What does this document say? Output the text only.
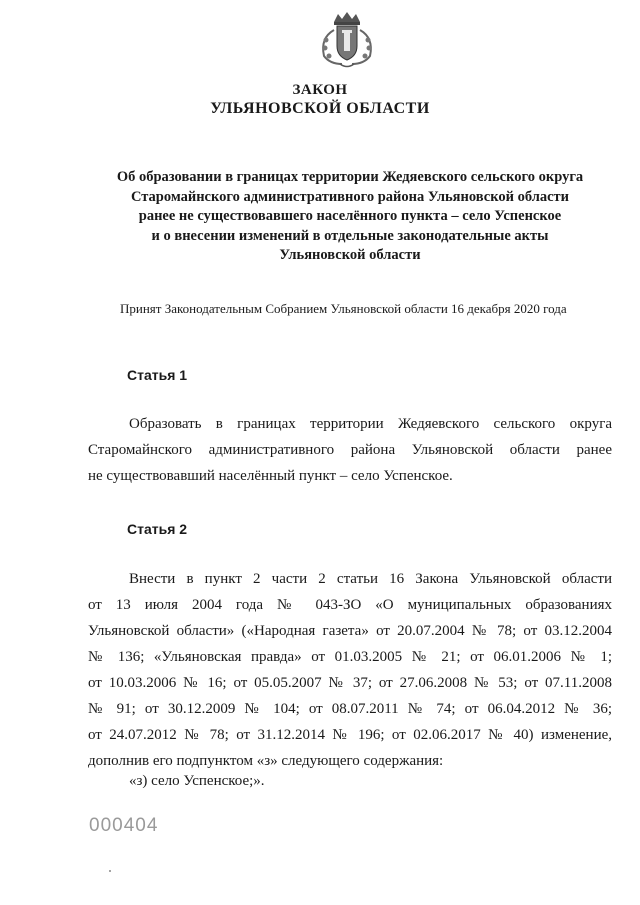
ЗАКОН
УЛЬЯНОВСКОЙ ОБЛАСТИ
Об образовании в границах территории Жедяевского сельского округа
Старомайнского административного района Ульяновской области
ранее не существовавшего населённого пункта – село Успенское
и о внесении изменений в отдельные законодательные акты
Ульяновской области
Принят Законодательным Собранием Ульяновской области 16 декабря 2020 года
Статья 1
Образовать в границах территории Жедяевского сельского округа
Старомайнского административного района Ульяновской области ранее
не существовавший населённый пункт – село Успенское.
Статья 2
Внести в пункт 2 части 2 статьи 16 Закона Ульяновской области
от 13 июля 2004 года № 043-ЗО «О муниципальных образованиях
Ульяновской области» («Народная газета» от 20.07.2004 № 78; от 03.12.2004
№ 136; «Ульяновская правда» от 01.03.2005 № 21; от 06.01.2006 № 1;
от 10.03.2006 № 16; от 05.05.2007 № 37; от 27.06.2008 № 53; от 07.11.2008
№ 91; от 30.12.2009 № 104; от 08.07.2011 № 74; от 06.04.2012 № 36;
от 24.07.2012 № 78; от 31.12.2014 № 196; от 02.06.2017 № 40) изменение,
дополнив его подпунктом «з» следующего содержания:
«з) село Успенское;».
000404
